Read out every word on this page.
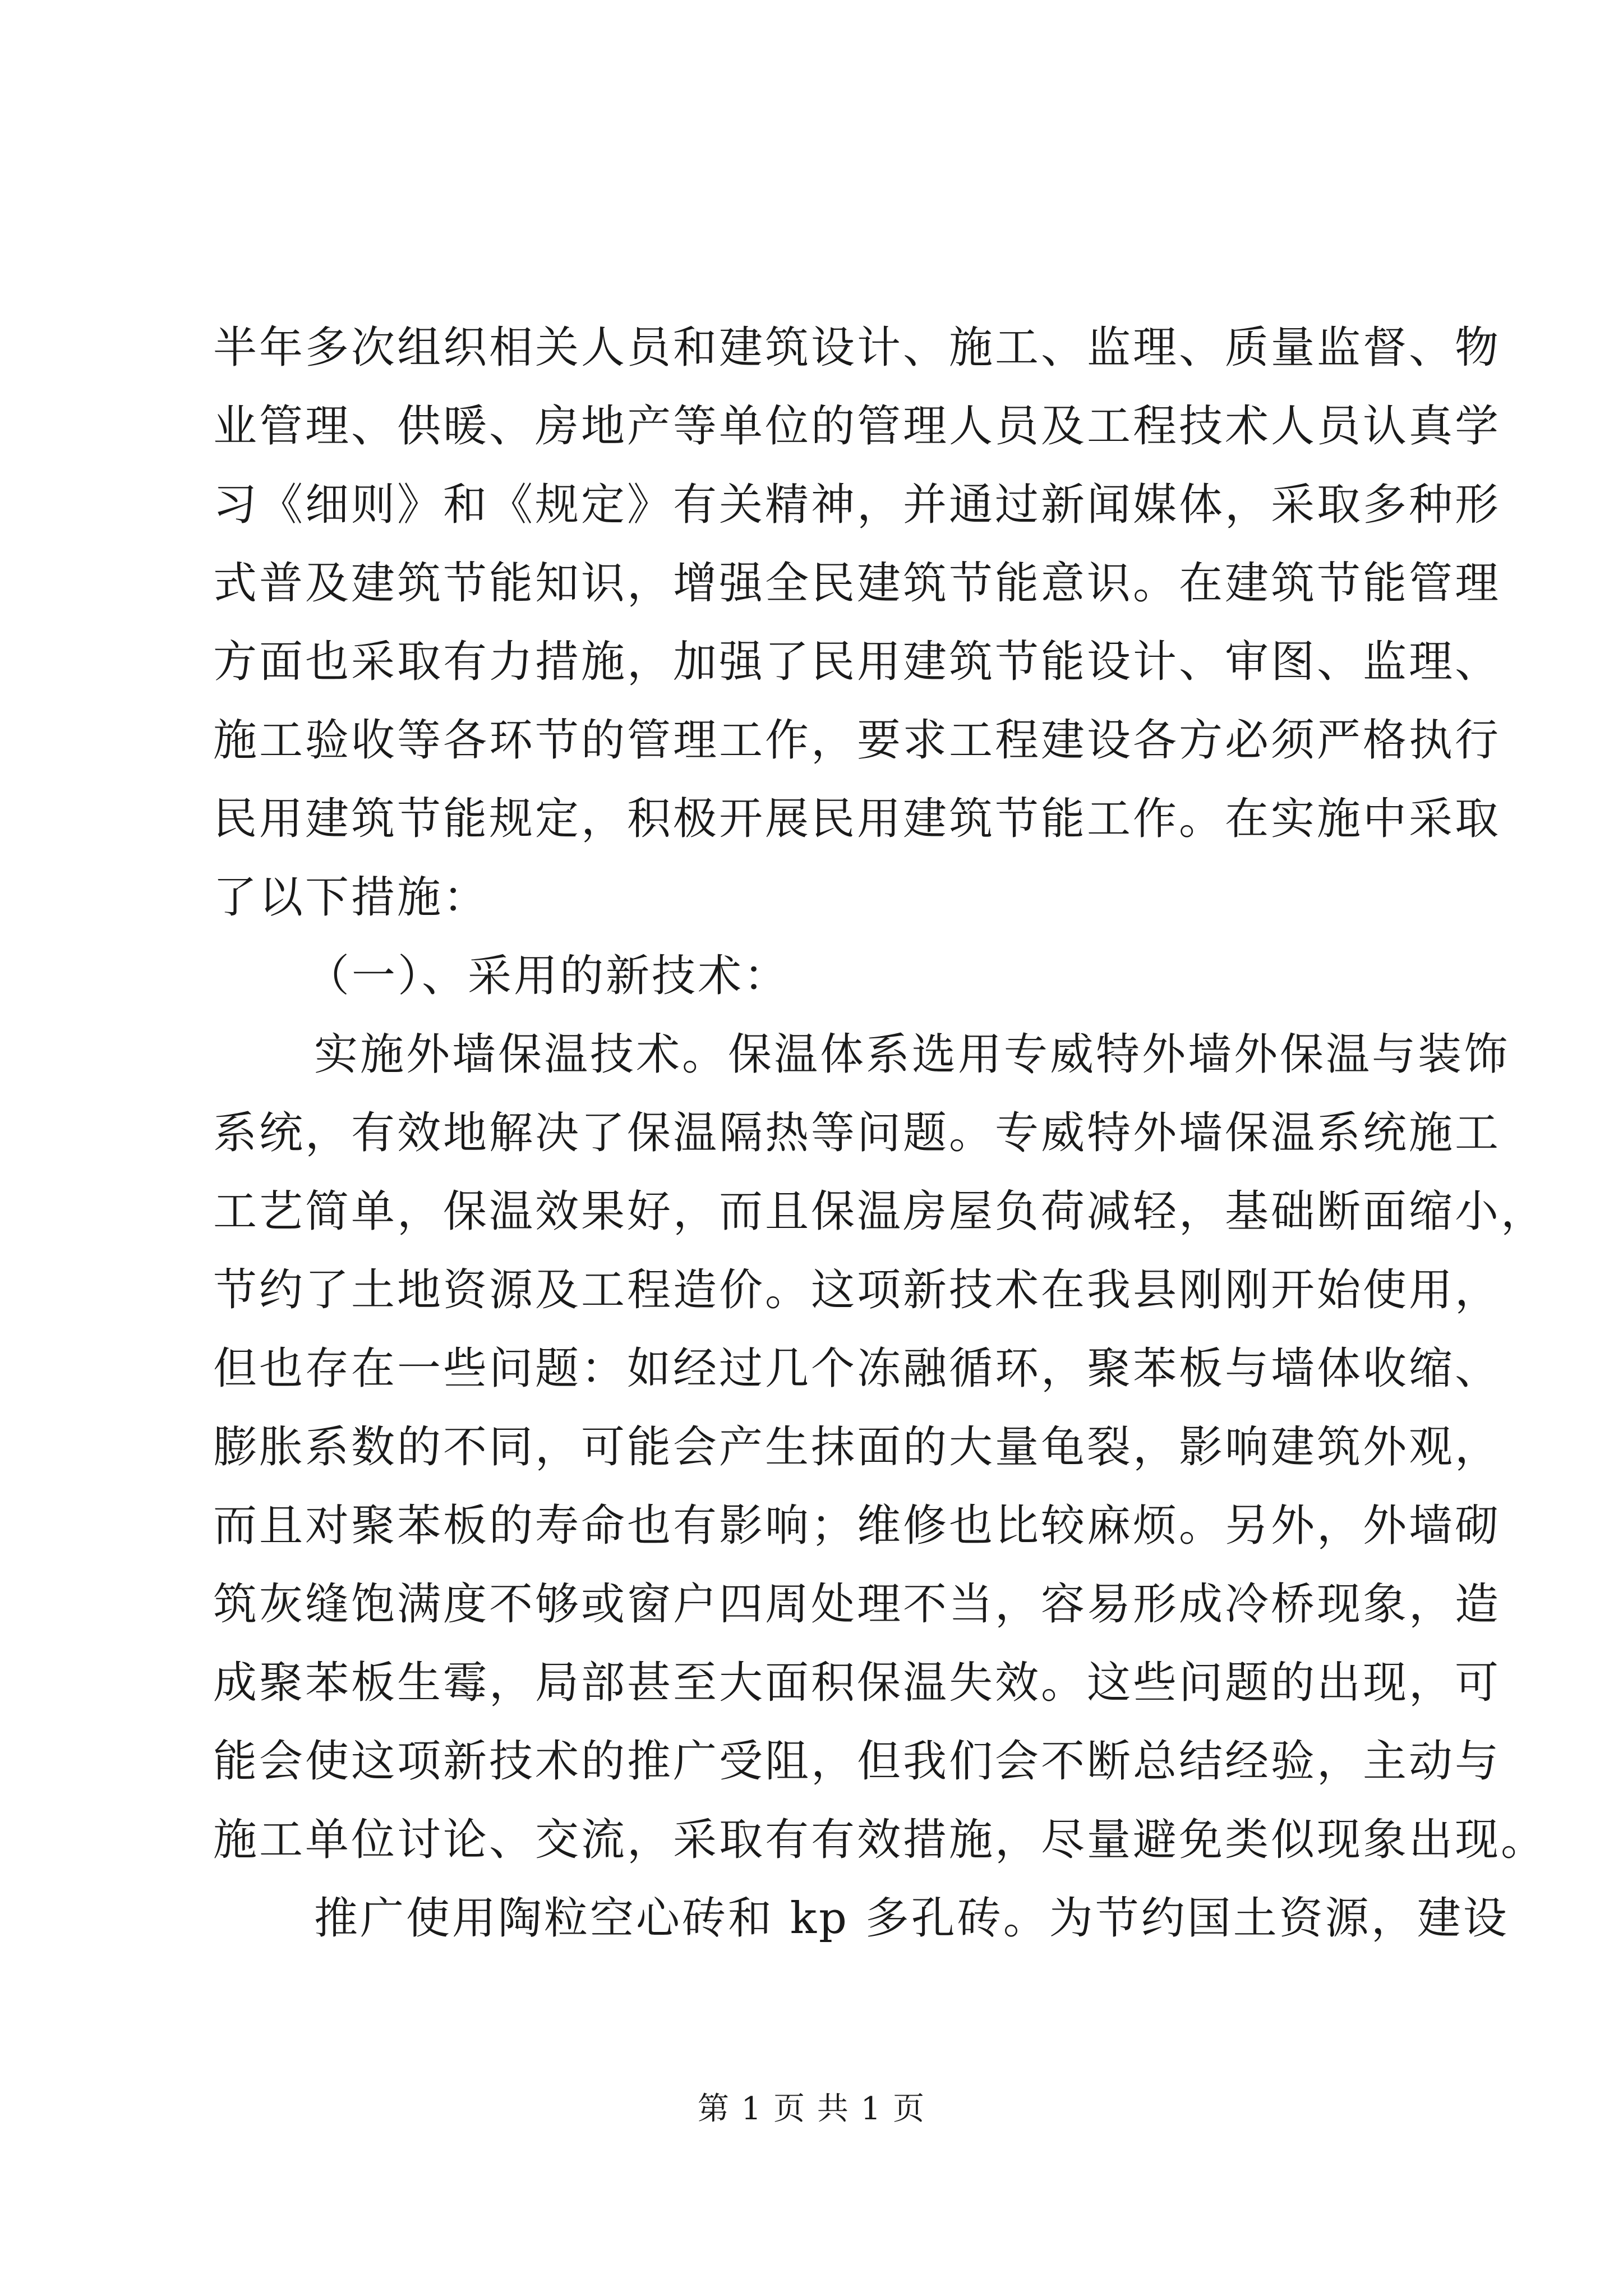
半年多次组织相关人员和建筑设计、施工、监理、质量监督、物
业管理、供暖、房地产等单位的管理人员及工程技术人员认真学
习《细则》和《规定》有关精神，并通过新闻媒体，采取多种形
式普及建筑节能知识，增强全民建筑节能意识。在建筑节能管理
方面也采取有力措施，加强了民用建筑节能设计、审图、监理、
施工验收等各环节的管理工作，要求工程建设各方必须严格执行
民用建筑节能规定，积极开展民用建筑节能工作。在实施中采取
了以下措施：
（一）、采用的新技术：
实施外墙保温技术。保温体系选用专威特外墙外保温与装饰
系统，有效地解决了保温隔热等问题。专威特外墙保温系统施工
工艺简单，保温效果好，而且保温房屋负荷减轻，基础断面缩小，
节约了土地资源及工程造价。这项新技术在我县刚刚开始使用，
但也存在一些问题：如经过几个冻融循环，聚苯板与墙体收缩、
膨胀系数的不同，可能会产生抹面的大量龟裂，影响建筑外观，
而且对聚苯板的寿命也有影响；维修也比较麻烦。另外，外墙砌
筑灰缝饱满度不够或窗户四周处理不当，容易形成冷桥现象，造
成聚苯板生霉，局部甚至大面积保温失效。这些问题的出现，可
能会使这项新技术的推广受阻，但我们会不断总结经验，主动与
施工单位讨论、交流，采取有有效措施，尽量避免类似现象出现。
推广使用陶粒空心砖和 kp 多孔砖。为节约国土资源，建设
第 1 页 共 1 页
